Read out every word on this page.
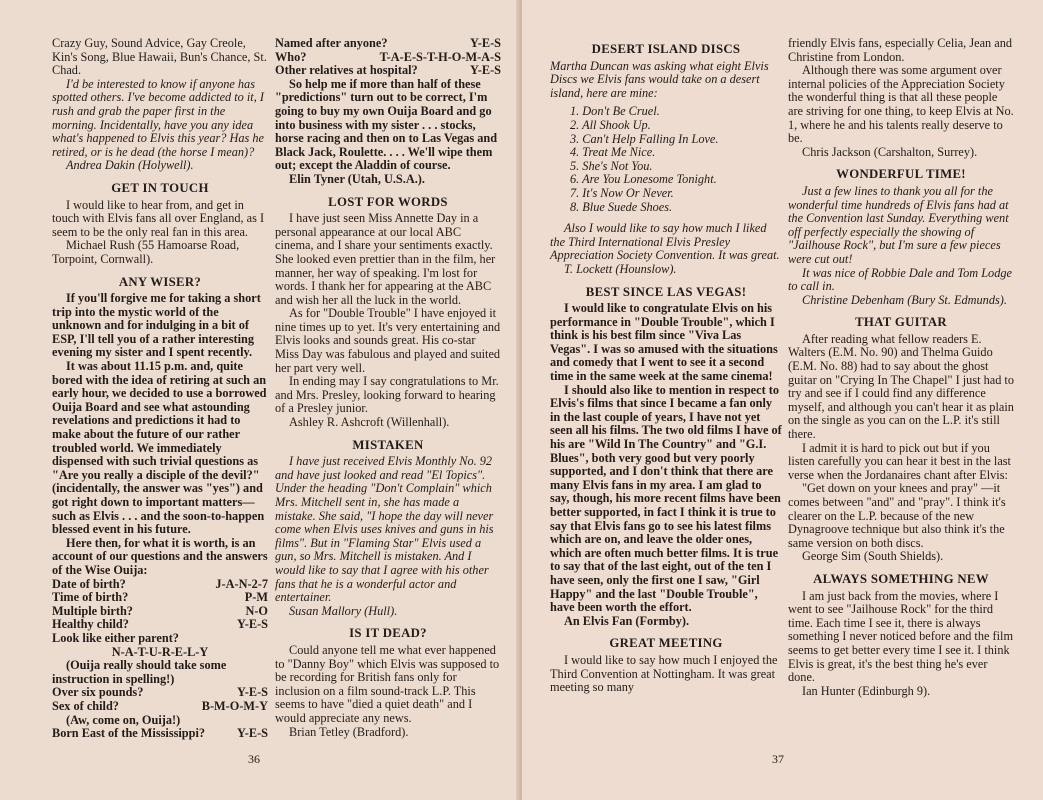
Crazy Guy, Sound Advice, Gay Creole, Kin's Song, Blue Hawaii, Bun's Chance, St. Chad.

I'd be interested to know if anyone has spotted others. I've become addicted to it, I rush and grab the paper first in the morning. Incidentally, have you any idea what's happened to Elvis this year? Has he retired, or is he dead (the horse I mean)?

Andrea Dakin (Holywell).

GET IN TOUCH

I would like to hear from, and get in touch with Elvis fans all over England, as I seem to be the only real fan in this area.

Michael Rush (55 Hamoarse Road, Torpoint, Cornwall).

ANY WISER?

If you'll forgive me for taking a short trip into the mystic world of the unknown and for indulging in a bit of ESP, I'll tell you of a rather interesting evening my sister and I spent recently.

It was about 11.15 p.m. and, quite bored with the idea of retiring at such an early hour, we decided to use a borrowed Ouija Board and see what astounding revelations and predictions it had to make about the future of our rather troubled world. We immediately dispensed with such trivial questions as "Are you really a disciple of the devil?" (incidentally, the answer was "yes") and got right down to important matters—such as Elvis . . . and the soon-to-happen blessed event in his future.

Here then, for what it is worth, is an account of our questions and the answers of the Wise Ouija:

Date of birth?	J-A-N-2-7
Time of birth?	P-M
Multiple birth?	N-O
Healthy child?	Y-E-S
Look like either parent?
N-A-T-U-R-E-L-Y

(Ouija really should take some instruction in spelling!)

Over six pounds?	Y-E-S
Sex of child?	B-M-O-M-Y

(Aw, come on, Ouija!)

Born East of the Mississippi?	Y-E-S
Named after anyone?	Y-E-S
Who?	T-A-E-S-T-H-O-M-A-S
Other relatives at hospital?	Y-E-S

So help me if more than half of these "predictions" turn out to be correct, I'm going to buy my own Ouija Board and go into business with my sister . . . stocks, horse racing and then on to Las Vegas and Black Jack, Roulette. . . . We'll wipe them out; except the Aladdin of course.

Elin Tyner (Utah, U.S.A.).

LOST FOR WORDS

I have just seen Miss Annette Day in a personal appearance at our local ABC cinema, and I share your sentiments exactly. She looked even prettier than in the film, her manner, her way of speaking. I'm lost for words. I thank her for appearing at the ABC and wish her all the luck in the world.

As for "Double Trouble" I have enjoyed it nine times up to yet. It's very entertaining and Elvis looks and sounds great. His co-star Miss Day was fabulous and played and suited her part very well.

In ending may I say congratulations to Mr. and Mrs. Presley, looking forward to hearing of a Presley junior.

Ashley R. Ashcroft (Willenhall).

MISTAKEN

I have just received Elvis Monthly No. 92 and have just looked and read "El Topics". Under the heading "Don't Complain" which Mrs. Mitchell sent in, she has made a mistake. She said, "I hope the day will never come when Elvis uses knives and guns in his films". But in "Flaming Star" Elvis used a gun, so Mrs. Mitchell is mistaken. And I would like to say that I agree with his other fans that he is a wonderful actor and entertainer.

Susan Mallory (Hull).

IS IT DEAD?

Could anyone tell me what ever happened to "Danny Boy" which Elvis was supposed to be recording for British fans only for inclusion on a film sound-track L.P. This seems to have "died a quiet death" and I would appreciate any news.

Brian Tetley (Bradford).

36
DESERT ISLAND DISCS

Martha Duncan was asking what eight Elvis Discs we Elvis fans would take on a desert island, here are mine:

1. Don't Be Cruel.
2. All Shook Up.
3. Can't Help Falling In Love.
4. Treat Me Nice.
5. She's Not You.
6. Are You Lonesome Tonight.
7. It's Now Or Never.
8. Blue Suede Shoes.

Also I would like to say how much I liked the Third International Elvis Presley Appreciation Society Convention. It was great.

T. Lockett (Hounslow).

BEST SINCE LAS VEGAS!

I would like to congratulate Elvis on his performance in "Double Trouble", which I think is his best film since "Viva Las Vegas". I was so amused with the situations and comedy that I went to see it a second time in the same week at the same cinema!

I should also like to mention in respect to Elvis's films that since I became a fan only in the last couple of years, I have not yet seen all his films. The two old films I have of his are "Wild In The Country" and "G.I. Blues", both very good but very poorly supported, and I don't think that there are many Elvis fans in my area. I am glad to say, though, his more recent films have been better supported, in fact I think it is true to say that Elvis fans go to see his latest films which are on, and leave the older ones, which are often much better films. It is true to say that of the last eight, out of the ten I have seen, only the first one I saw, "Girl Happy" and the last "Double Trouble", have been worth the effort.

An Elvis Fan (Formby).

GREAT MEETING

I would like to say how much I enjoyed the Third Convention at Nottingham. It was great meeting so many

friendly Elvis fans, especially Celia, Jean and Christine from London.

Although there was some argument over internal policies of the Appreciation Society the wonderful thing is that all these people are striving for one thing, to keep Elvis at No. 1, where he and his talents really deserve to be.

Chris Jackson (Carshalton, Surrey).

WONDERFUL TIME!

Just a few lines to thank you all for the wonderful time hundreds of Elvis fans had at the Convention last Sunday. Everything went off perfectly especially the showing of "Jailhouse Rock", but I'm sure a few pieces were cut out!

It was nice of Robbie Dale and Tom Lodge to call in.

Christine Debenham (Bury St. Edmunds).

THAT GUITAR

After reading what fellow readers E. Walters (E.M. No. 90) and Thelma Guido (E.M. No. 88) had to say about the ghost guitar on "Crying In The Chapel" I just had to try and see if I could find any difference myself, and although you can't hear it as plain on the single as you can on the L.P. it's still there.

I admit it is hard to pick out but if you listen carefully you can hear it best in the last verse when the Jordanaires chant after Elvis:

"Get down on your knees and pray" —it comes between "and" and "pray". I think it's clearer on the L.P. because of the new Dynagroove technique but also think it's the same version on both discs.

George Sim (South Shields).

ALWAYS SOMETHING NEW

I am just back from the movies, where I went to see "Jailhouse Rock" for the third time. Each time I see it, there is always something I never noticed before and the film seems to get better every time I see it. I think Elvis is great, it's the best thing he's ever done.

Ian Hunter (Edinburgh 9).

37
